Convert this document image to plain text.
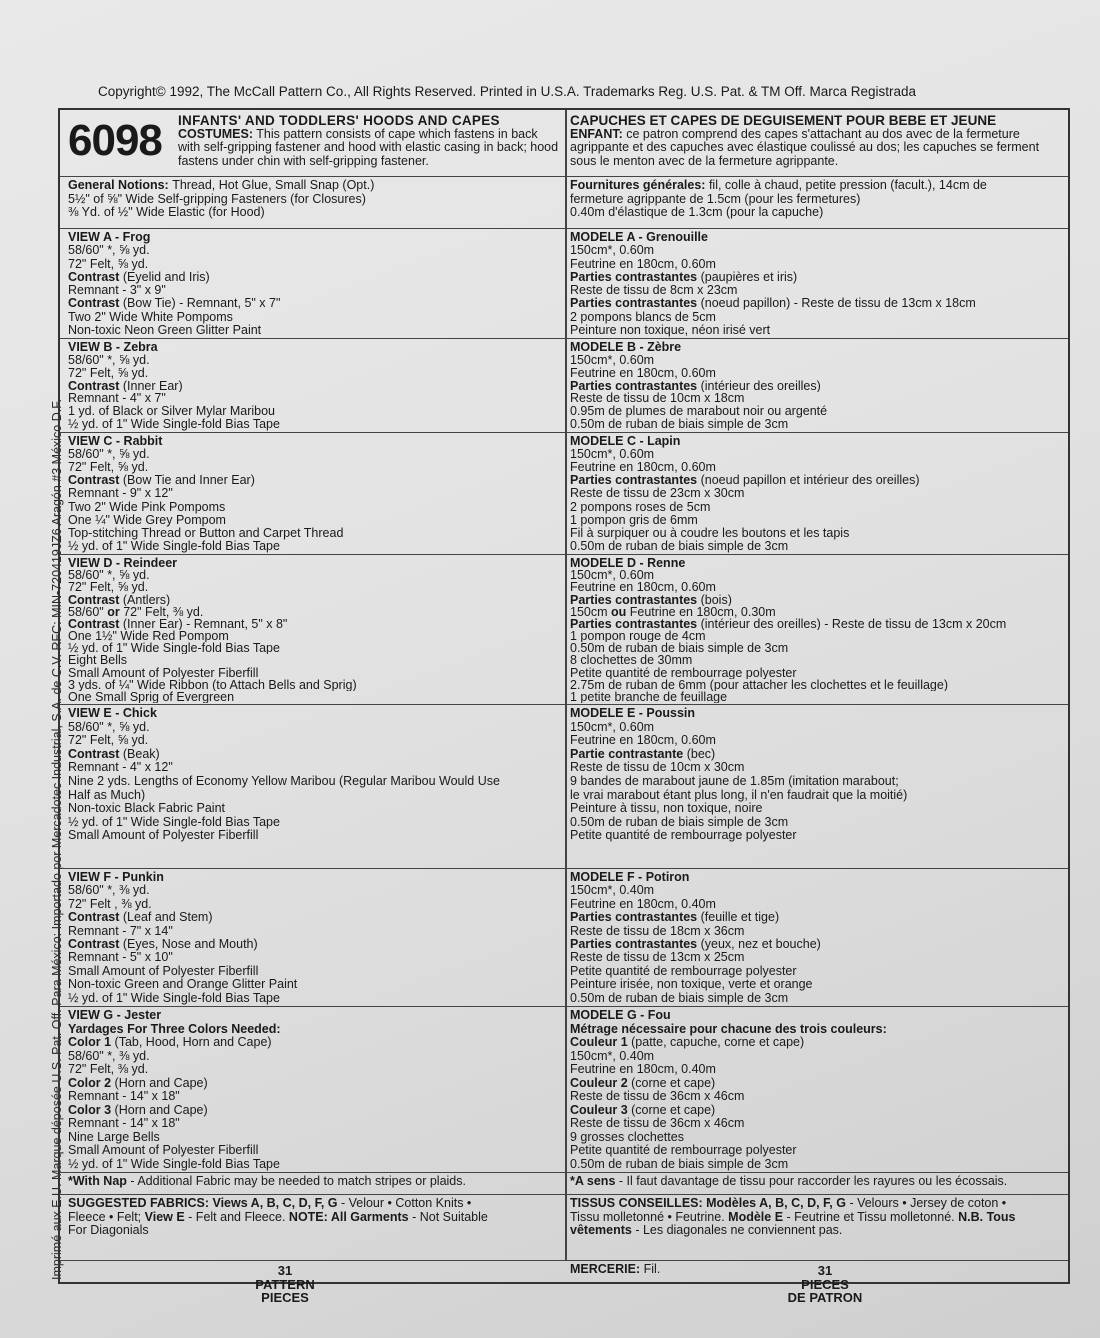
Imprimé aux E.U. Marque déposée U.S. Pat. Off. Para México: Importado por Mercadotec Industrial, S.A. de C.V. RFC: MIN-720419JZ6 Aragón #3 México D.F.
Copyright© 1992, The McCall Pattern Co., All Rights Reserved. Printed in U.S.A. Trademarks Reg. U.S. Pat. & TM Off. Marca Registrada
6098 INFANTS' AND TODDLERS' HOODS AND CAPES
COSTUMES: This pattern consists of cape which fastens in back with self-gripping fastener and hood with elastic casing in back; hood fastens under chin with self-gripping fastener.
CAPUCHES ET CAPES DE DEGUISEMENT POUR BEBE ET JEUNE
ENFANT: ce patron comprend des capes s'attachant au dos avec de la fermeture agrippante et des capuches avec élastique coulissé au dos; les capuches se ferment sous le menton avec de la fermeture agrippante.
General Notions: Thread, Hot Glue, Small Snap (Opt.)
5½" of ⅝" Wide Self-gripping Fasteners (for Closures)
⅜ Yd. of ½" Wide Elastic (for Hood)
Fournitures générales: fil, colle à chaud, petite pression (facult.), 14cm de
fermeture agrippante de 1.5cm (pour les fermetures)
0.40m d'élastique de 1.3cm (pour la capuche)
VIEW A - Frog
58/60" *, ⅝ yd.
72" Felt, ⅝ yd.
Contrast (Eyelid and Iris)
Remnant - 3" x 9"
Contrast (Bow Tie) - Remnant, 5" x 7"
Two 2" Wide White Pompoms
Non-toxic Neon Green Glitter Paint
MODELE A - Grenouille
150cm*, 0.60m
Feutrine en 180cm, 0.60m
Parties contrastantes (paupières et iris)
Reste de tissu de 8cm x 23cm
Parties contrastantes (noeud papillon) - Reste de tissu de 13cm x 18cm
2 pompons blancs de 5cm
Peinture non toxique, néon irisé vert
VIEW B - Zebra
58/60" *, ⅝ yd.
72" Felt, ⅝ yd.
Contrast (Inner Ear)
Remnant - 4" x 7"
1 yd. of Black or Silver Mylar Maribou
½ yd. of 1" Wide Single-fold Bias Tape
MODELE B - Zèbre
150cm*, 0.60m
Feutrine en 180cm, 0.60m
Parties contrastantes (intérieur des oreilles)
Reste de tissu de 10cm x 18cm
0.95m de plumes de marabout noir ou argenté
0.50m de ruban de biais simple de 3cm
VIEW C - Rabbit
58/60" *, ⅝ yd.
72" Felt, ⅝ yd.
Contrast (Bow Tie and Inner Ear)
Remnant - 9" x 12"
Two 2" Wide Pink Pompoms
One ¼" Wide Grey Pompom
Top-stitching Thread or Button and Carpet Thread
½ yd. of 1" Wide Single-fold Bias Tape
MODELE C - Lapin
150cm*, 0.60m
Feutrine en 180cm, 0.60m
Parties contrastantes (noeud papillon et intérieur des oreilles)
Reste de tissu de 23cm x 30cm
2 pompons roses de 5cm
1 pompon gris de 6mm
Fil à surpiquer ou à coudre les boutons et les tapis
0.50m de ruban de biais simple de 3cm
VIEW D - Reindeer
58/60" *, ⅝ yd.
72" Felt, ⅝ yd.
Contrast (Antlers)
58/60" or 72" Felt, ⅜ yd.
Contrast (Inner Ear) - Remnant, 5" x 8"
One 1½" Wide Red Pompom
½ yd. of 1" Wide Single-fold Bias Tape
Eight Bells
Small Amount of Polyester Fiberfill
3 yds. of ¼" Wide Ribbon (to Attach Bells and Sprig)
One Small Sprig of Evergreen
MODELE D - Renne
150cm*, 0.60m
Feutrine en 180cm, 0.60m
Parties contrastantes (bois)
150cm ou Feutrine en 180cm, 0.30m
Parties contrastantes (intérieur des oreilles) - Reste de tissu de 13cm x 20cm
1 pompon rouge de 4cm
0.50m de ruban de biais simple de 3cm
8 clochettes de 30mm
Petite quantité de rembourrage polyester
2.75m de ruban de 6mm (pour attacher les clochettes et le feuillage)
1 petite branche de feuillage
VIEW E - Chick
58/60" *, ⅝ yd.
72" Felt, ⅝ yd.
Contrast (Beak)
Remnant - 4" x 12"
Nine 2 yds. Lengths of Economy Yellow Maribou (Regular Maribou Would Use
Half as Much)
Non-toxic Black Fabric Paint
½ yd. of 1" Wide Single-fold Bias Tape
Small Amount of Polyester Fiberfill
MODELE E - Poussin
150cm*, 0.60m
Feutrine en 180cm, 0.60m
Partie contrastante (bec)
Reste de tissu de 10cm x 30cm
9 bandes de marabout jaune de 1.85m (imitation marabout;
le vrai marabout étant plus long, il n'en faudrait que la moitié)
Peinture à tissu, non toxique, noire
0.50m de ruban de biais simple de 3cm
Petite quantité de rembourrage polyester
VIEW F - Punkin
58/60" *, ⅜ yd.
72" Felt , ⅜ yd.
Contrast (Leaf and Stem)
Remnant - 7" x 14"
Contrast (Eyes, Nose and Mouth)
Remnant - 5" x 10"
Small Amount of Polyester Fiberfill
Non-toxic Green and Orange Glitter Paint
½ yd. of 1" Wide Single-fold Bias Tape
MODELE F - Potiron
150cm*, 0.40m
Feutrine en 180cm, 0.40m
Parties contrastantes (feuille et tige)
Reste de tissu de 18cm x 36cm
Parties contrastantes (yeux, nez et bouche)
Reste de tissu de 13cm x 25cm
Petite quantité de rembourrage polyester
Peinture irisée, non toxique, verte et orange
0.50m de ruban de biais simple de 3cm
VIEW G - Jester
Yardages For Three Colors Needed:
Color 1 (Tab, Hood, Horn and Cape)
58/60" *, ⅜ yd.
72" Felt, ⅜ yd.
Color 2 (Horn and Cape)
Remnant - 14" x 18"
Color 3 (Horn and Cape)
Remnant - 14" x 18"
Nine Large Bells
Small Amount of Polyester Fiberfill
½ yd. of 1" Wide Single-fold Bias Tape
MODELE G - Fou
Métrage nécessaire pour chacune des trois couleurs:
Couleur 1 (patte, capuche, corne et cape)
150cm*, 0.40m
Feutrine en 180cm, 0.40m
Couleur 2 (corne et cape)
Reste de tissu de 36cm x 46cm
Couleur 3 (corne et cape)
Reste de tissu de 36cm x 46cm
9 grosses clochettes
Petite quantité de rembourrage polyester
0.50m de ruban de biais simple de 3cm
*With Nap - Additional Fabric may be needed to match stripes or plaids.	*A sens - Il faut davantage de tissu pour raccorder les rayures ou les écossais.
SUGGESTED FABRICS: Views A, B, C, D, F, G - Velour • Cotton Knits •
Fleece • Felt; View E - Felt and Fleece. NOTE: All Garments - Not Suitable
For Diagonials
TISSUS CONSEILLES: Modèles A, B, C, D, F, G - Velours • Jersey de coton •
Tissu molletonné • Feutrine. Modèle E - Feutrine et Tissu molletonné. N.B. Tous
vêtements - Les diagonales ne conviennent pas.
MERCERIE: Fil.
31
PATTERN
PIECES
31
PIECES
DE PATRON
